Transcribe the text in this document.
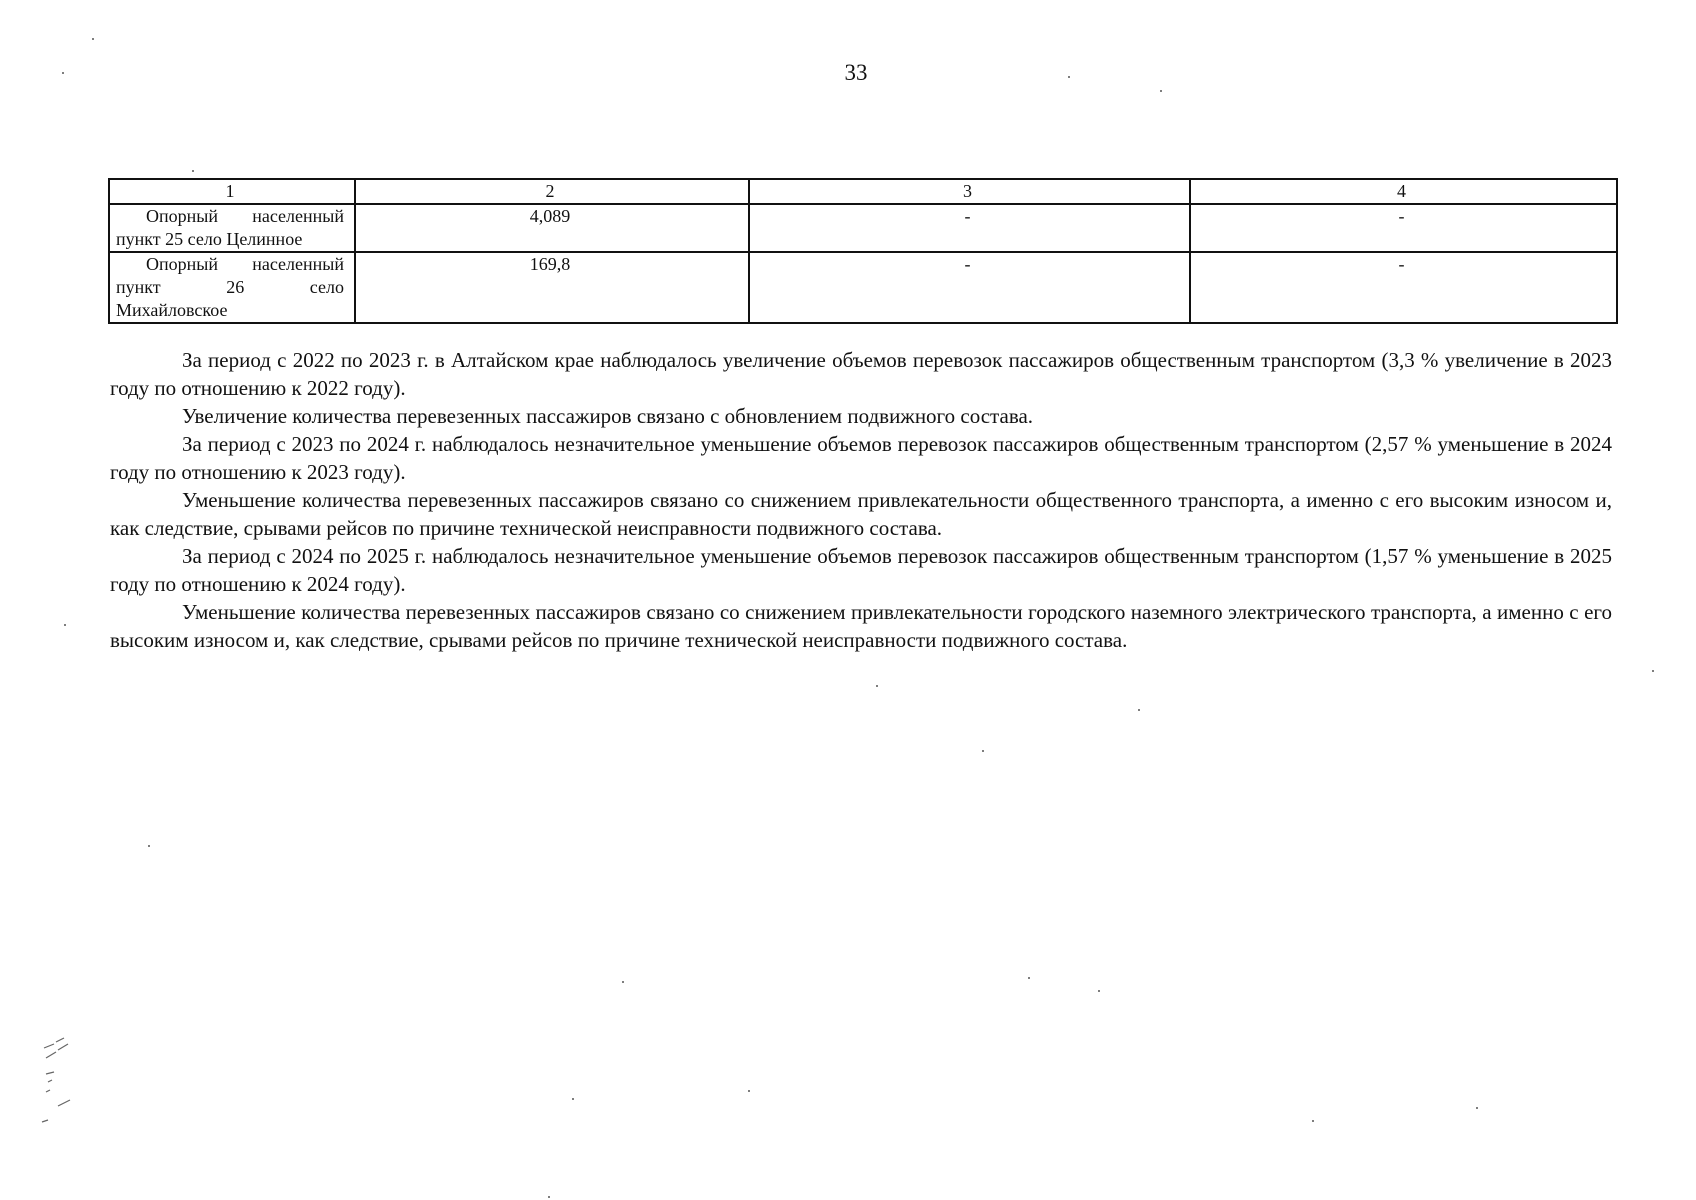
33
1	2	3	4

Опорный населенный
пункт 25 село Целинное	4,089	-	-

Опорный населенный
пункт 26 село
Михайловское	169,8	-	-

За период с 2022 по 2023 г. в Алтайском крае наблюдалось увеличение объемов перевозок пассажиров общественным транспортом (3,3 % увеличение в 2023 году по отношению к 2022 году).

Увеличение количества перевезенных пассажиров связано с обновлением подвижного состава.

За период с 2023 по 2024 г. наблюдалось незначительное уменьшение объемов перевозок пассажиров общественным транспортом (2,57 % уменьшение в 2024 году по отношению к 2023 году).

Уменьшение количества перевезенных пассажиров связано со снижением привлекательности общественного транспорта, а именно с его высоким износом и, как следствие, срывами рейсов по причине технической неисправности подвижного состава.

За период с 2024 по 2025 г. наблюдалось незначительное уменьшение объемов перевозок пассажиров общественным транспортом (1,57 % уменьшение в 2025 году по отношению к 2024 году).

Уменьшение количества перевезенных пассажиров связано со снижением привлекательности городского наземного электрического транспорта, а именно с его высоким износом и, как следствие, срывами рейсов по причине технической неисправности подвижного состава.
